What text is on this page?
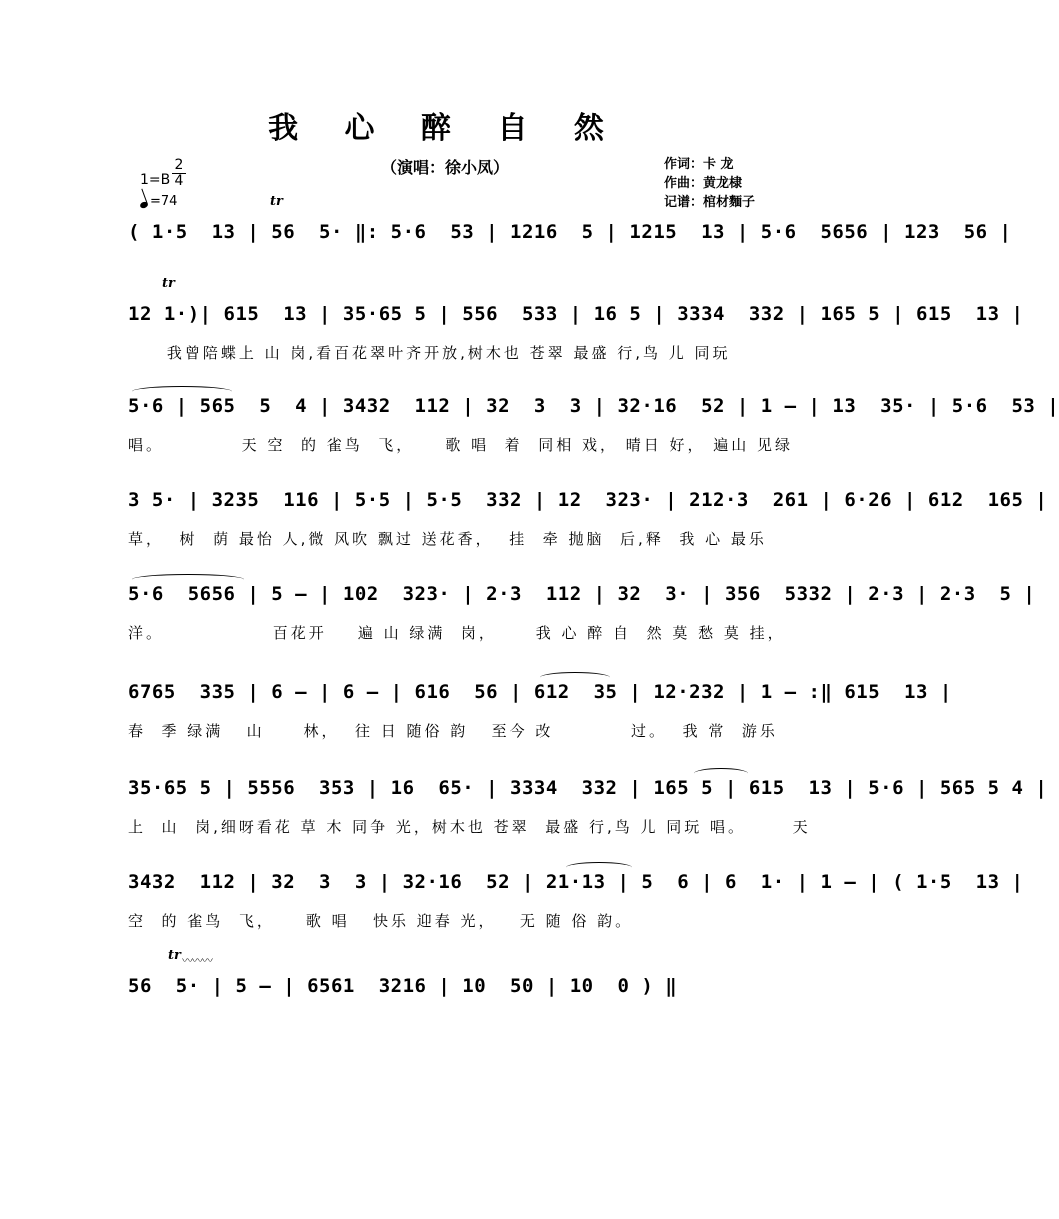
我 心 醉 自 然
（演唱：徐小凤）	作词：卡 龙
作曲：黄龙棣
记谱：棺材麵子
1=B
2
4
=74
( 1·5  13 | 56  5· ‖: 5·6  53 | 1216  5 | 1215  13 | 5·6  5656 | 123  56 |
tr
12 1·)| 615  13 | 35·65 5 | 556  533 | 16 5 | 3334  332 | 165 5 | 615  13 |
tr
我曾陪蝶上 山 岗,看百花翠叶齐开放,树木也 苍翠 最盛 行,鸟 儿 同玩
5·6 | 565  5  4 | 3432  112 | 32  3  3 | 32·16  52 | 1 – | 13  35· | 5·6  53 |
唱。          天 空  的 雀鸟  飞，    歌 唱  着  同相 戏， 晴日 好， 遍山 见绿
3 5· | 3235  116 | 5·5 | 5·5  332 | 12  323· | 212·3  261 | 6·26 | 612  165 |
草，  树  荫 最怡 人,微 风吹 飘过 送花香，  挂  牵 抛脑  后,释  我 心 最乐
5·6  5656 | 5 – | 102  323· | 2·3  112 | 32  3· | 356  5332 | 2·3 | 2·3  5 |
洋。              百花开    遍 山 绿满  岗，     我 心 醉 自  然 莫 愁 莫 挂，
6765  335 | 6 – | 6 – | 616  56 | 612  35 | 12·232 | 1 – :‖ 615  13 |
春  季 绿满   山     林，  往 日 随俗 韵   至今 改          过。  我 常  游乐
35·65 5 | 5556  353 | 16  65· | 3334  332 | 165 5 | 615  13 | 5·6 | 565 5 4 |
上  山  岗,细呀看花 草 木 同争 光，树木也 苍翠  最盛 行,鸟 儿 同玩 唱。      天
3432  112 | 32  3  3 | 32·16  52 | 21·13 | 5  6 | 6  1· | 1 – | ( 1·5  13 |
空  的 雀鸟  飞，    歌 唱   快乐 迎春 光，   无 随 俗 韵。
tr 〰〰〰
56  5· | 5 – | 6561  3216 | 10  50 | 10  0 ) ‖
